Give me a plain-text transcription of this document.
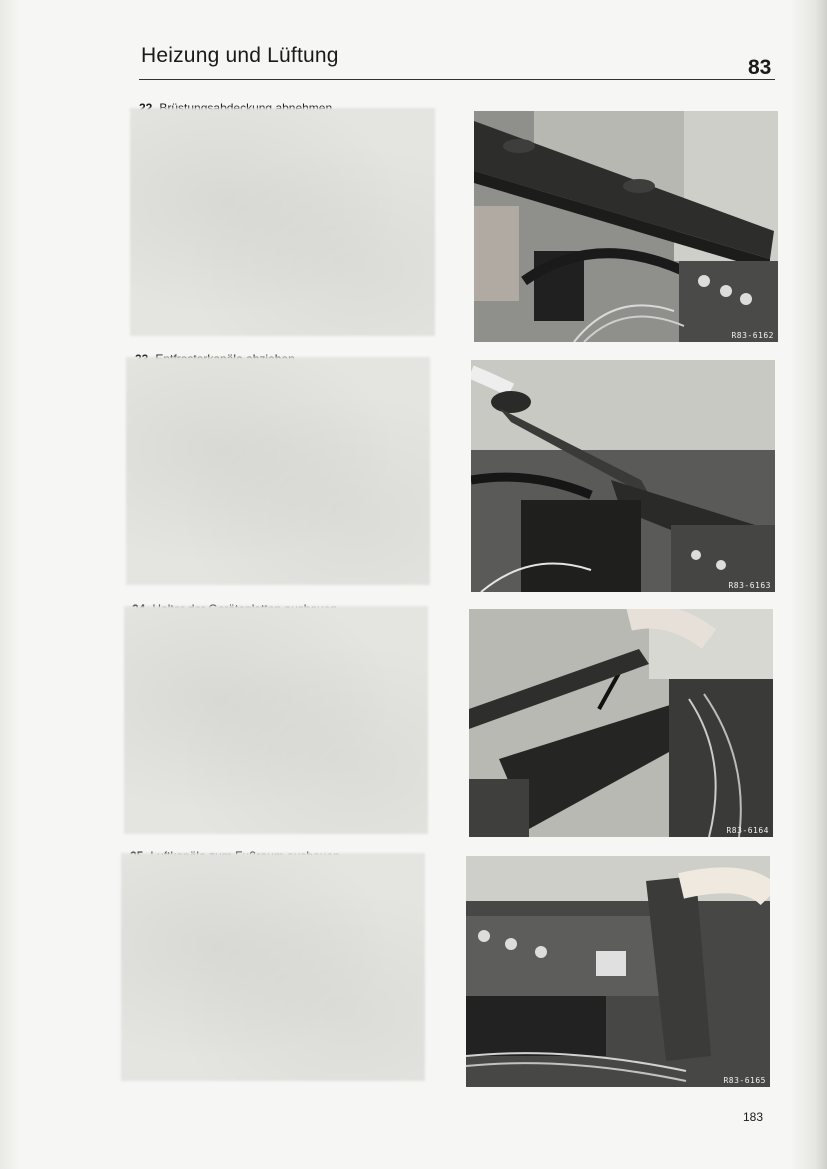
Heizung und Lüftung
83
R83-6162
R83-6163
R83-6164
R83-6165
183
